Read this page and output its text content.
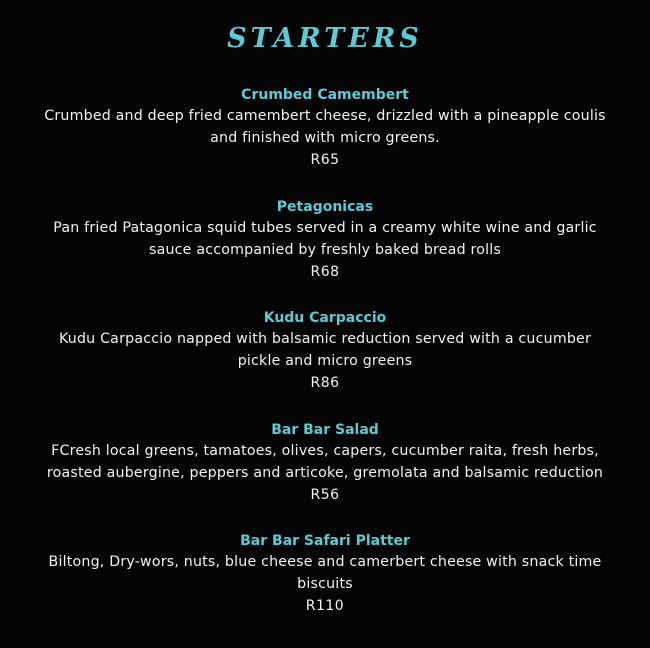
STARTERS
Crumbed Camembert
Crumbed and deep fried camembert cheese, drizzled with a pineapple coulis
and finished with micro greens.
R65
Petagonicas
Pan fried Patagonica squid tubes served in a creamy white wine and garlic
sauce accompanied by freshly baked bread rolls
R68
Kudu Carpaccio
Kudu Carpaccio napped with balsamic reduction served with a cucumber
pickle and micro greens
R86
Bar Bar Salad
FCresh local greens, tamatoes, olives, capers, cucumber raita, fresh herbs,
roasted aubergine, peppers and articoke, gremolata and balsamic reduction
R56
Bar Bar Safari Platter
Biltong, Dry-wors, nuts, blue cheese and camerbert cheese with snack time
biscuits
R110
